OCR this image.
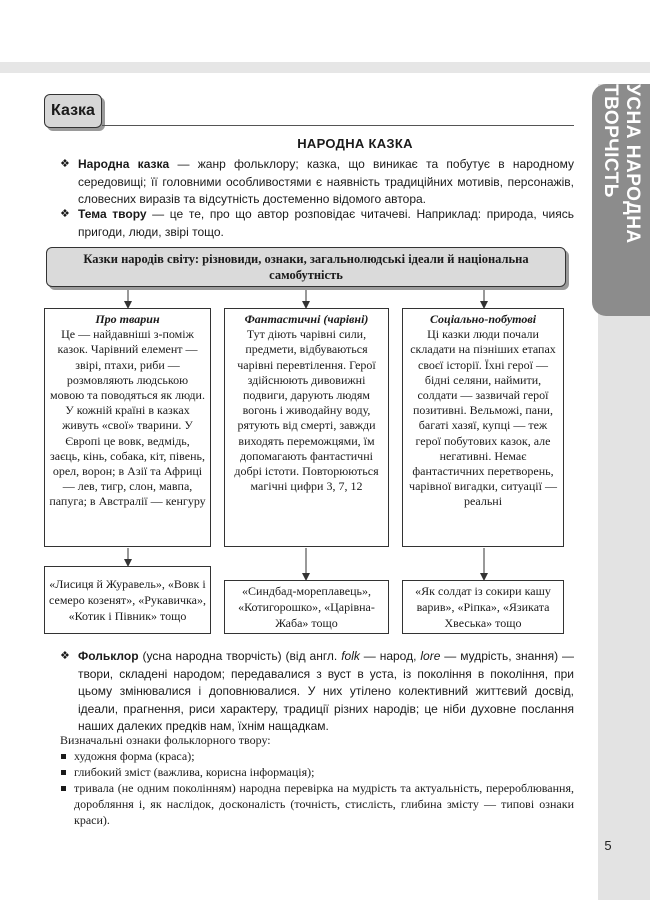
УСНА НАРОДНА ТВОРЧІСТЬ
5
Казка
НАРОДНА КАЗКА
❖ Народна казка — жанр фольклору; казка, що виникає та побутує в народному середовищі; її головними особливостями є наявність традиційних мотивів, персонажів, словесних виразів та відсутність достеменно відомого автора.
❖ Тема твору — це те, про що автор розповідає читачеві. Наприклад: природа, чиясь пригоди, люди, звірі тощо.
Казки народів світу: різновиди, ознаки, загальнолюдські ідеали й національна самобутність
Про тварин
Це — найдавніші з-поміж казок. Чарівний елемент — звірі, птахи, риби — розмовляють людською мовою та поводяться як люди. У кожній країні в казках живуть «свої» тварини. У Європі це вовк, ведмідь, заєць, кінь, собака, кіт, півень, орел, ворон; в Азії та Африці — лев, тигр, слон, мавпа, папуга; в Австралії — кенгуру
Фантастичні (чарівні)
Тут діють чарівні сили, предмети, відбуваються чарівні перевтілення. Герої здійснюють дивовижні подвиги, дарують людям вогонь і живодайну воду, рятують від смерті, завжди виходять переможцями, їм допомагають фантастичні добрі істоти. Повторюються магічні цифри 3, 7, 12
Соціально-побутові
Ці казки люди почали складати на пізніших етапах своєї історії. Їхні герої — бідні селяни, наймити, солдати — зазвичай герої позитивні. Вельможі, пани, багаті хазяї, купці — теж герої побутових казок, але негативні. Немає фантастичних перетворень, чарівної вигадки, ситуації — реальні
«Лисиця й Журавель», «Вовк і семеро козенят», «Рукавичка», «Котик і Півник» тощо
«Синдбад-мореплавець», «Котигорошко», «Царівна-Жаба» тощо
«Як солдат із сокири кашу варив», «Ріпка», «Язиката Хвеська» тощо
❖ Фольклор (усна народна творчість) (від англ. folk — народ, lore — мудрість, знання) — твори, складені народом; передавалися з вуст в уста, із покоління в покоління, при цьому змінювалися і доповнювалися. У них утілено колективний життєвий досвід, ідеали, прагнення, риси характеру, традиції різних народів; це ніби духовне послання наших далеких предків нам, їхнім нащадкам.
Визначальні ознаки фольклорного твору:
художня форма (краса);
глибокий зміст (важлива, корисна інформація);
тривала (не одним поколінням) народна перевірка на мудрість та актуальність, перероблювання, доробляння і, як наслідок, досконалість (точність, стислість, глибина змісту — типові ознаки краси).
